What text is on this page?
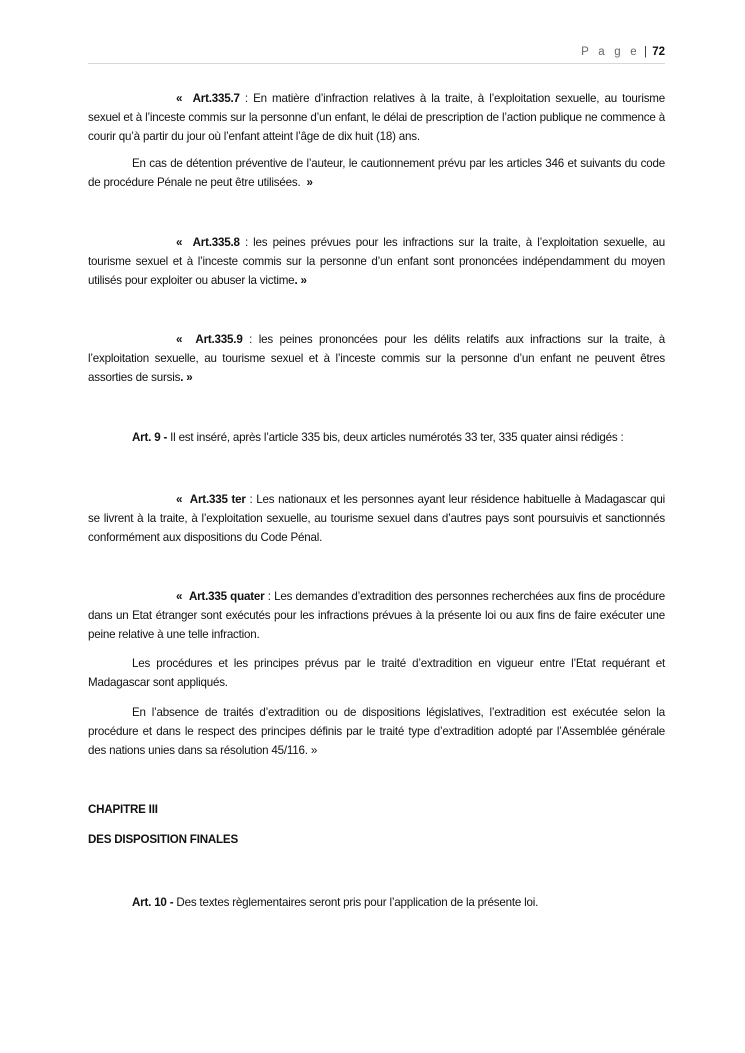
P a g e | 72

« Art.335.7 : En matière d’infraction relatives à la traite, à l’exploitation sexuelle, au tourisme sexuel et à l’inceste commis sur la personne d’un enfant, le délai de prescription de l’action publique ne commence à courir qu’à partir du jour où l’enfant atteint l’âge de dix huit (18) ans.

En cas de détention préventive de l’auteur, le cautionnement prévu par les articles 346 et suivants du code de procédure Pénale ne peut être utilisées. »

« Art.335.8 : les peines prévues pour les infractions sur la traite, à l’exploitation sexuelle, au tourisme sexuel et à l’inceste commis sur la personne d’un enfant sont prononcées indépendamment du moyen utilisés pour exploiter ou abuser la victime. »

« Art.335.9 : les peines prononcées pour les délits relatifs aux infractions sur la traite, à l’exploitation sexuelle, au tourisme sexuel et à l’inceste commis sur la personne d’un enfant ne peuvent êtres assorties de sursis. »

Art. 9 - Il est inséré, après l’article 335 bis, deux articles numérotés 33 ter, 335 quater ainsi rédigés :

« Art.335 ter : Les nationaux et les personnes ayant leur résidence habituelle à Madagascar qui se livrent à la traite, à l’exploitation sexuelle, au tourisme sexuel dans d’autres pays sont poursuivis et sanctionnés conformément aux dispositions du Code Pénal.

« Art.335 quater : Les demandes d’extradition des personnes recherchées aux fins de procédure dans un Etat étranger sont exécutés pour les infractions prévues à la présente loi ou aux fins de faire exécuter une peine relative à une telle infraction.

Les procédures et les principes prévus par le traité d’extradition en vigueur entre l’Etat requérant et Madagascar sont appliqués.

En l’absence de traités d’extradition ou de dispositions législatives, l’extradition est exécutée selon la procédure et dans le respect des principes définis par le traité type d’extradition adopté par l’Assemblée générale des nations unies dans sa résolution 45/116. »

CHAPITRE III

DES DISPOSITION FINALES

Art. 10 - Des textes règlementaires seront pris pour l’application de la présente loi.
